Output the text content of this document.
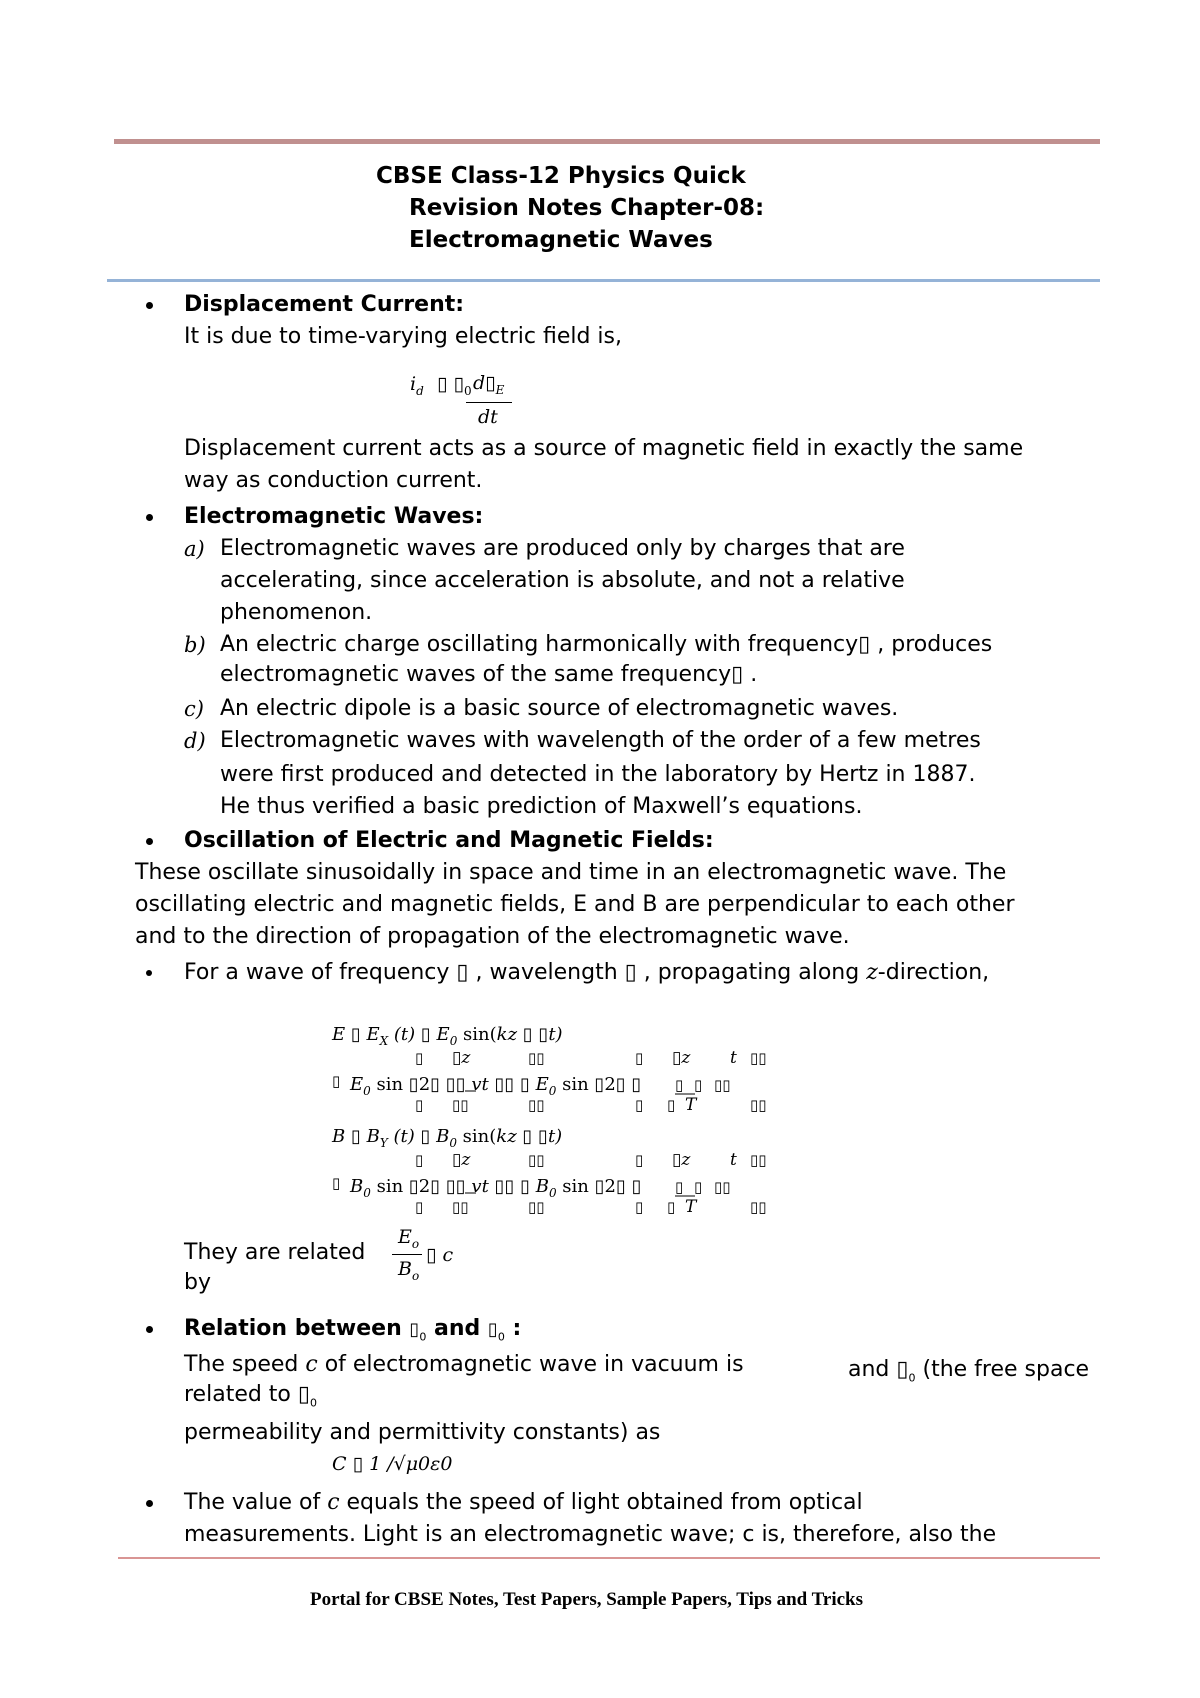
CBSE Class-12 Physics Quick
Revision Notes Chapter-08:
Electromagnetic Waves
Displacement Current:
It is due to time-varying electric field is,
$i_d$ ▯ $▯_0$ $d▯_E$
dt
Displacement current acts as a source of magnetic field in exactly the same
way as conduction current.
Electromagnetic Waves:
a) Electromagnetic waves are produced only by charges that are
accelerating, since acceleration is absolute, and not a relative
phenomenon.
b) An electric charge oscillating harmonically with frequency▯ , produces
electromagnetic waves of the same frequency▯ .
c) An electric dipole is a basic source of electromagnetic waves.
d) Electromagnetic waves with wavelength of the order of a few metres
were first produced and detected in the laboratory by Hertz in 1887.
He thus verified a basic prediction of Maxwell’s equations.
Oscillation of Electric and Magnetic Fields:
These oscillate sinusoidally in space and time in an electromagnetic wave. The
oscillating electric and magnetic fields, E and B are perpendicular to each other
and to the direction of propagation of the electromagnetic wave.
For a wave of frequency ▯ , wavelength ▯ , propagating along z-direction,
E ▯ $E_X$ (t) ▯ $E_0$ sin(kz ▯ ▯t)
▯ ▯z	▯▯	▯ ▯z t ▯▯
▯ $E_0$ sin ▯2▯ ▯▯ vt ▯▯ ▯ $E_0$ sin ▯2▯ ▯ ▯ ▯ ▯▯
▯ ▯▯	▯▯	▯ ▯ T	▯▯
B ▯ $B_Y$ (t) ▯ $B_0$ sin(kz ▯ ▯t)
▯ ▯z	▯▯	▯ ▯z t ▯▯
▯ $B_0$ sin ▯2▯ ▯▯ vt ▯▯ ▯ $B_0$ sin ▯2▯ ▯ ▯ ▯ ▯▯
▯ ▯▯	▯▯	▯ ▯ T	▯▯
They are related
by
$E_o$
$B_o$
▯ c
Relation between $▯_0$ and $▯_0$ :
The speed c of electromagnetic wave in vacuum is	and $▯_0$ (the free space
related to $▯_0$
permeability and permittivity constants) as
C ▯ 1 /√μ0ε0
The value of c equals the speed of light obtained from optical
measurements. Light is an electromagnetic wave; c is, therefore, also the
Portal for CBSE Notes, Test Papers, Sample Papers, Tips and Tricks
